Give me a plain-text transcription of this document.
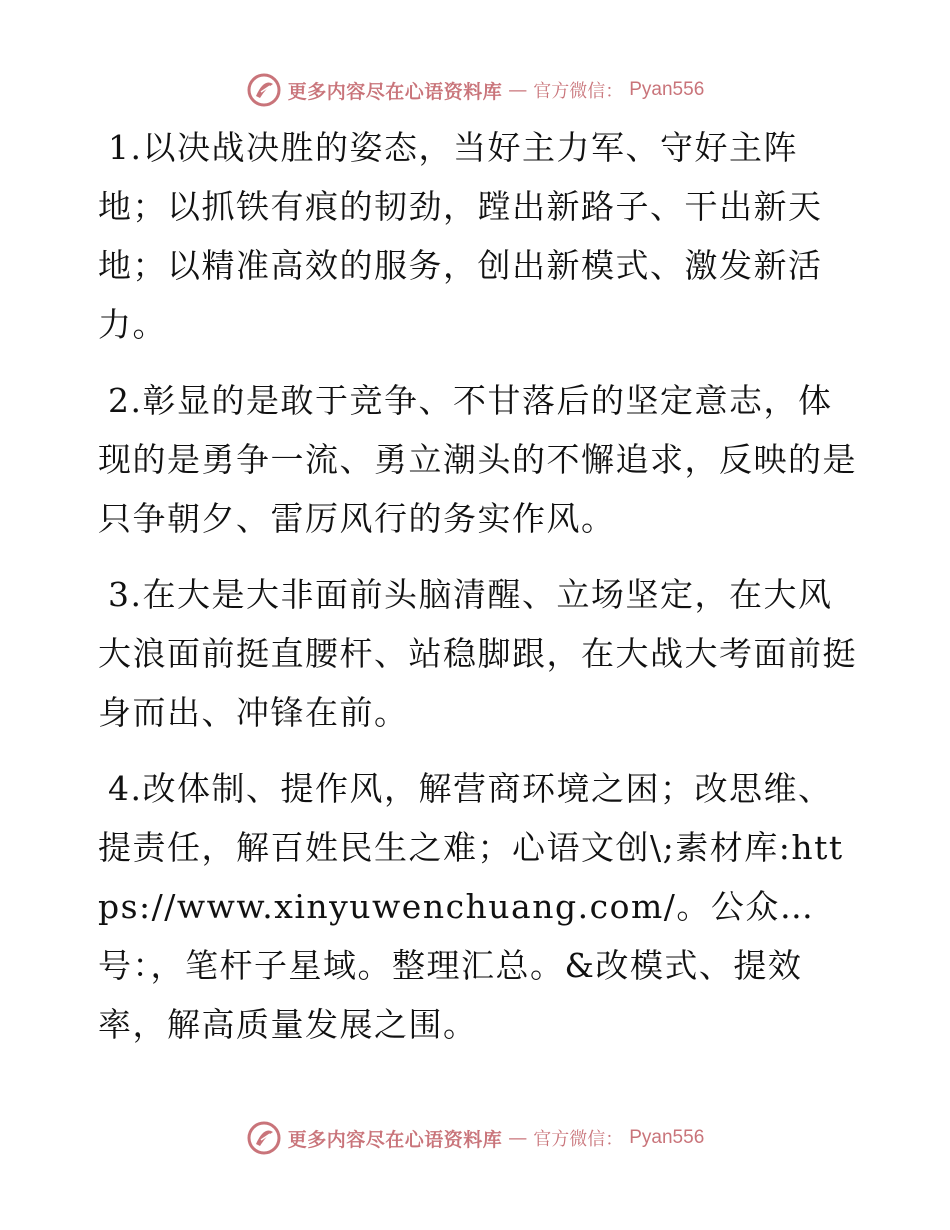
更多内容尽在心语资料库 — 官方微信： Pyan556

1.以决战决胜的姿态，当好主力军、守好主阵地；以抓铁有痕的韧劲，蹚出新路子、干出新天地；以精准高效的服务，创出新模式、激发新活力。

2.彰显的是敢于竞争、不甘落后的坚定意志，体现的是勇争一流、勇立潮头的不懈追求，反映的是只争朝夕、雷厉风行的务实作风。

3.在大是大非面前头脑清醒、立场坚定，在大风大浪面前挺直腰杆、站稳脚跟，在大战大考面前挺身而出、冲锋在前。

4.改体制、提作风，解营商环境之困；改思维、提责任，解百姓民生之难；心语文创\;素材库:https://www.xinyuwenchuang.com/。公众…号：，笔杆子星域。整理汇总。&改模式、提效率，解高质量发展之围。

更多内容尽在心语资料库 — 官方微信： Pyan556
